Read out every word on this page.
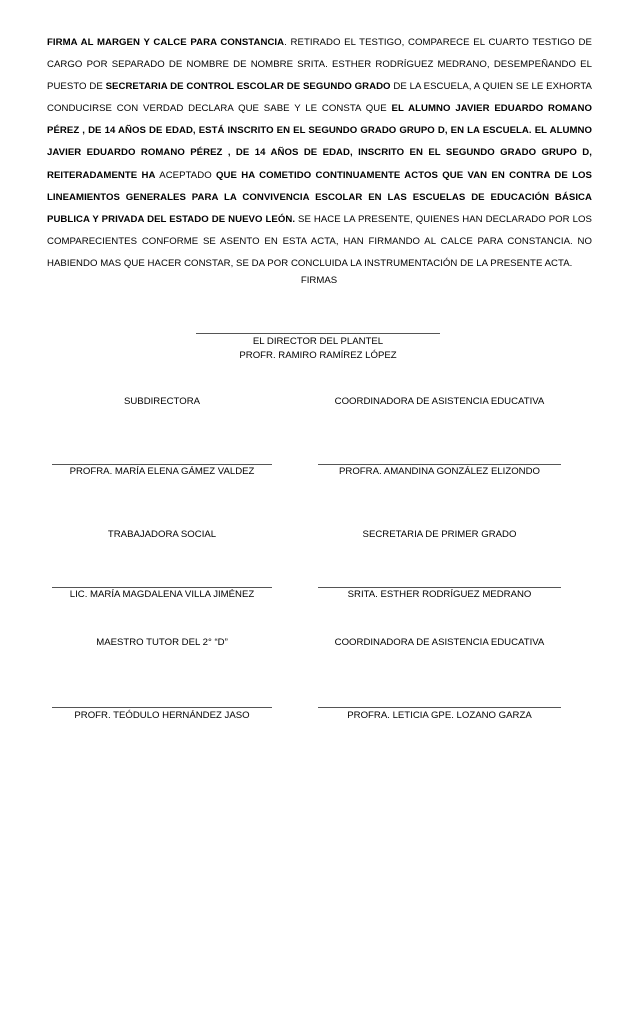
FIRMA AL MARGEN Y CALCE PARA CONSTANCIA. RETIRADO EL TESTIGO, COMPARECE EL CUARTO TESTIGO DE CARGO POR SEPARADO DE NOMBRE DE NOMBRE SRITA. ESTHER RODRÍGUEZ MEDRANO, DESEMPEÑANDO EL PUESTO DE SECRETARIA DE CONTROL ESCOLAR DE SEGUNDO GRADO DE LA ESCUELA, A QUIEN SE LE EXHORTA CONDUCIRSE CON VERDAD DECLARA QUE SABE Y LE CONSTA QUE EL ALUMNO JAVIER EDUARDO ROMANO PÉREZ , DE 14 AÑOS DE EDAD, ESTÁ INSCRITO EN EL SEGUNDO GRADO GRUPO D, EN LA ESCUELA. EL ALUMNO JAVIER EDUARDO ROMANO PÉREZ , DE 14 AÑOS DE EDAD, INSCRITO EN EL SEGUNDO GRADO GRUPO D, REITERADAMENTE HA ACEPTADO QUE HA COMETIDO CONTINUAMENTE ACTOS QUE VAN EN CONTRA DE LOS LINEAMIENTOS GENERALES PARA LA CONVIVENCIA ESCOLAR EN LAS ESCUELAS DE EDUCACIÓN BÁSICA PUBLICA Y PRIVADA DEL ESTADO DE NUEVO LEÓN. SE HACE LA PRESENTE, QUIENES HAN DECLARADO POR LOS COMPARECIENTES CONFORME SE ASENTO EN ESTA ACTA, HAN FIRMANDO AL CALCE PARA CONSTANCIA. NO HABIENDO MAS QUE HACER CONSTAR, SE DA POR CONCLUIDA LA INSTRUMENTACIÓN DE LA PRESENTE ACTA.
FIRMAS
EL DIRECTOR DEL PLANTEL
PROFR. RAMIRO RAMÍREZ LÓPEZ
SUBDIRECTORA	COORDINADORA DE ASISTENCIA EDUCATIVA
PROFRA. MARÍA ELENA GÁMEZ VALDEZ	PROFRA. AMANDINA GONZÁLEZ ELIZONDO
TRABAJADORA SOCIAL	SECRETARIA DE PRIMER GRADO
LIC. MARÍA MAGDALENA VILLA JIMÉNEZ	SRITA. ESTHER RODRÍGUEZ MEDRANO
MAESTRO TUTOR DEL 2° “D”	COORDINADORA DE ASISTENCIA EDUCATIVA
PROFR. TEÓDULO HERNÁNDEZ JASO	PROFRA. LETICIA GPE. LOZANO GARZA
